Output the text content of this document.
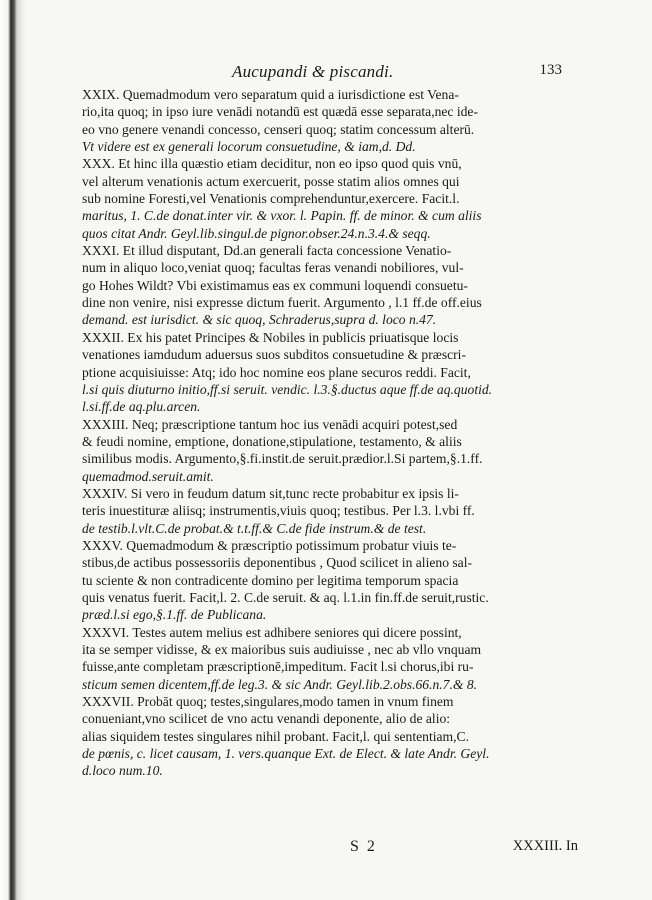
Aucupandi & piscandi.	133
XXIX. Quemadmodum vero separatum quid a iurisdictione est Vena-
rio,ita quoq; in ipso iure venādi notandū est quædā esse separata,nec ide-
eo vno genere venandi concesso, censeri quoq; statim concessum alterū.
Vt videre est ex generali locorum consuetudine, & iam,d. Dd.
XXX. Et hinc illa quæstio etiam deciditur, non eo ipso quod quis vnū,
vel alterum venationis actum exercuerit, posse statim alios omnes qui
sub nomine Foresti,vel Venationis comprehenduntur,exercere. Facit.l.
maritus, 1. C.de donat.inter vir. & vxor. l. Papin. ff. de minor. & cum aliis
quos citat Andr. Geyl.lib.singul.de pignor.obser.24.n.3.4.& seqq.
XXXI. Et illud disputant, Dd.an generali facta concessione Venatio-
num in aliquo loco,veniat quoq; facultas feras venandi nobiliores, vul-
go Hohes Wildt? Vbi existimamus eas ex communi loquendi consuetu-
dine non venire, nisi expresse dictum fuerit. Argumento , l.1 ff.de off.eius
demand. est iurisdict. & sic quoq, Schraderus,supra d. loco n.47.
XXXII. Ex his patet Principes & Nobiles in publicis priuatisque locis
venationes iamdudum aduersus suos subditos consuetudine & præscri-
ptione acquisiuisse: Atq; ido hoc nomine eos plane securos reddi. Facit,
l.si quis diuturno initio,ff.si seruit. vendic. l.3.§.ductus aque ff.de aq.quotid.
l.si.ff.de aq.plu.arcen.
XXXIII. Neq; præscriptione tantum hoc ius venādi acquiri potest,sed
& feudi nomine, emptione, donatione,stipulatione, testamento, & aliis
similibus modis. Argumento,§.fi.instit.de seruit.prædior.l.Si partem,§.1.ff.
quemadmod.seruit.amit.
XXXIV. Si vero in feudum datum sit,tunc recte probabitur ex ipsis li-
teris inuestituræ aliisq; instrumentis,viuis quoq; testibus. Per l.3. l.vbi ff.
de testib.l.vlt.C.de probat.& t.t.ff.& C.de fide instrum.& de test.
XXXV. Quemadmodum & præscriptio potissimum probatur viuis te-
stibus,de actibus possessoriis deponentibus , Quod scilicet in alieno sal-
tu sciente & non contradicente domino per legitima temporum spacia
quis venatus fuerit. Facit,l. 2. C.de seruit. & aq. l.1.in fin.ff.de seruit,rustic.
præd.l.si ego,§.1.ff. de Publicana.
XXXVI. Testes autem melius est adhibere seniores qui dicere possint,
ita se semper vidisse, & ex maioribus suis audiuisse , nec ab vllo vnquam
fuisse,ante completam præscriptionē,impeditum. Facit l.si chorus,ibi ru-
sticum semen dicentem,ff.de leg.3. & sic Andr. Geyl.lib.2.obs.66.n.7.& 8.
XXXVII. Probāt quoq; testes,singulares,modo tamen in vnum finem
conueniant,vno scilicet de vno actu venandi deponente, alio de alio:
alias siquidem testes singulares nihil probant. Facit,l. qui sententiam,C.
de pœnis, c. licet causam, 1. vers.quanque Ext. de Elect. & late Andr. Geyl.
d.loco num.10.
S 2	XXXIII. In
